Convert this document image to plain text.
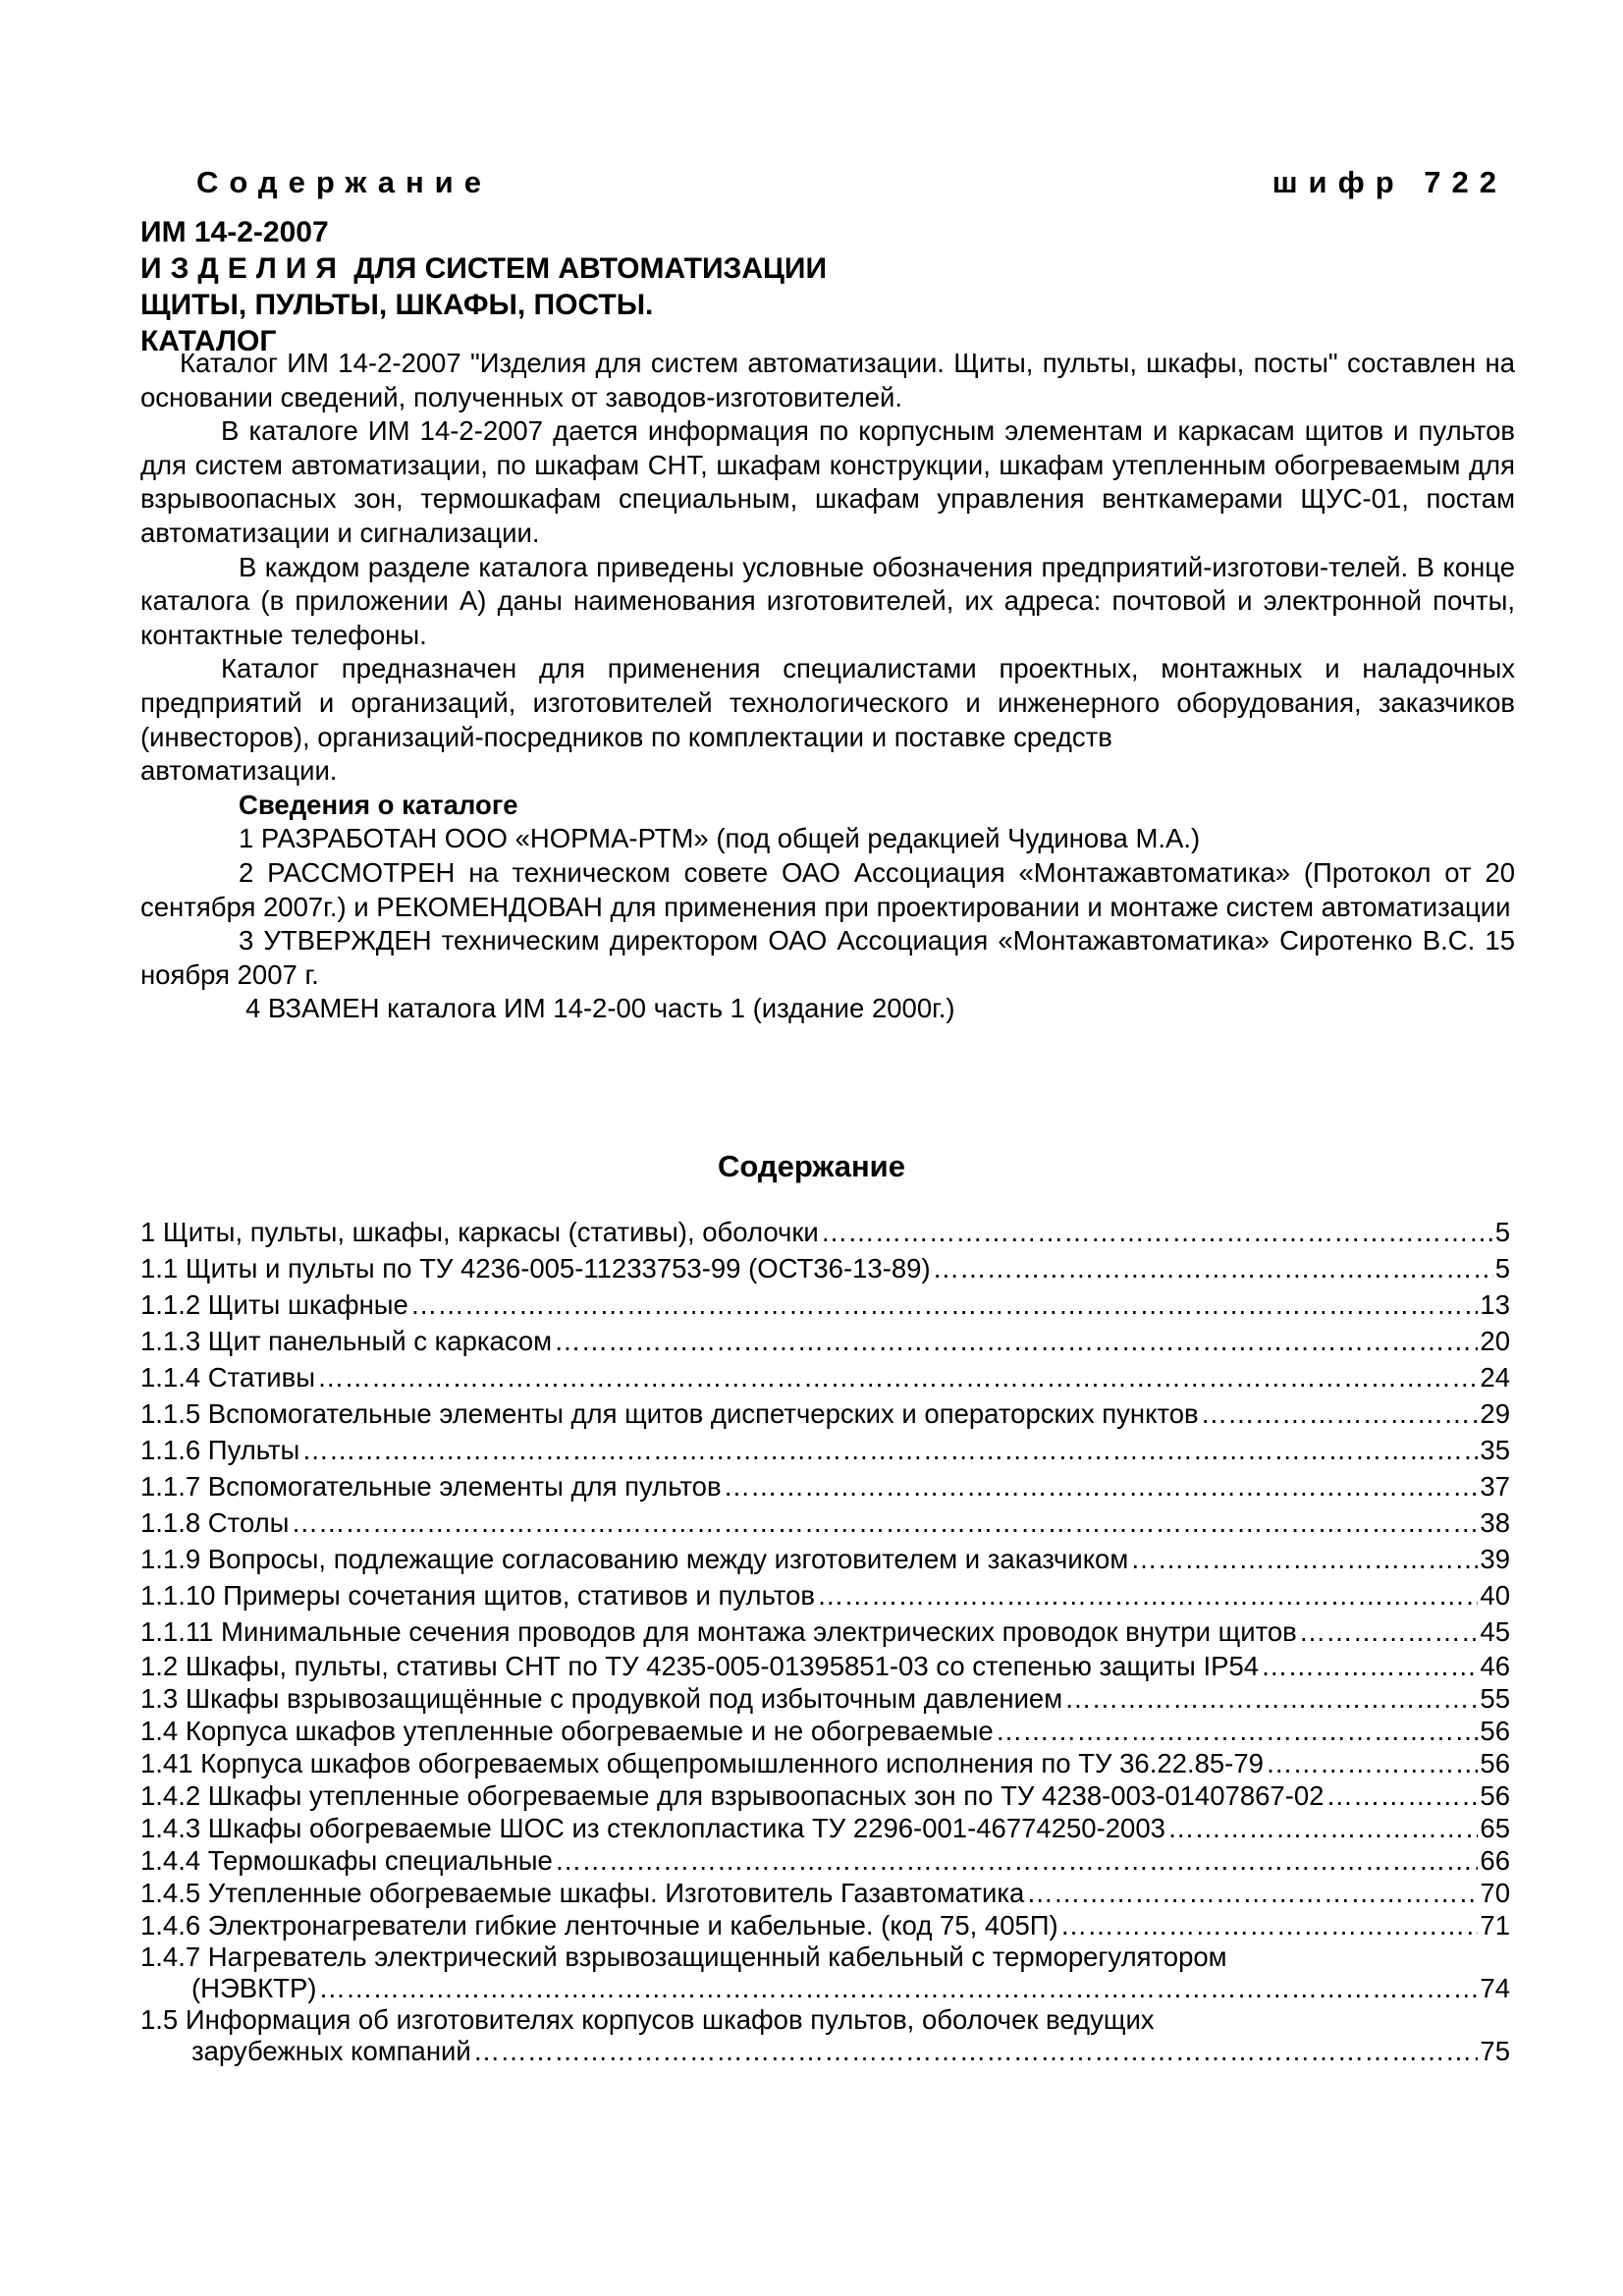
Содержание	шифр 722
ИМ 14-2-2007
ИЗДЕЛИЯ ДЛЯ СИСТЕМ АВТОМАТИЗАЦИИ
ЩИТЫ, ПУЛЬТЫ, ШКАФЫ, ПОСТЫ.
КАТАЛОГ

Каталог ИМ 14-2-2007 "Изделия для систем автоматизации. Щиты, пульты, шкафы, посты" составлен на основании сведений, полученных от заводов-изготовителей.

В каталоге ИМ 14-2-2007 дается информация по корпусным элементам и каркасам щитов и пультов для систем автоматизации, по шкафам СНТ, шкафам конструкции, шкафам утепленным обогреваемым для взрывоопасных зон, термошкафам специальным, шкафам управления венткамерами ЩУС-01, постам автоматизации и сигнализации.

В каждом разделе каталога приведены условные обозначения предприятий-изготови-телей. В конце каталога (в приложении А) даны наименования изготовителей, их адреса: почтовой и электронной почты, контактные телефоны.

Каталог предназначен для применения специалистами проектных, монтажных и наладочных предприятий и организаций, изготовителей технологического и инженерного оборудования, заказчиков (инвесторов), организаций-посредников по комплектации и поставке средств

автоматизации.

Сведения о каталоге

1 РАЗРАБОТАН ООО «НОРМА-РТМ» (под общей редакцией Чудинова М.А.)

2 РАССМОТРЕН на техническом совете ОАО Ассоциация «Монтажавтоматика» (Протокол от 20 сентября 2007г.) и РЕКОМЕНДОВАН для применения при проектировании и монтаже систем автоматизации

3 УТВЕРЖДЕН техническим директором ОАО Ассоциация «Монтажавтоматика» Сиротенко В.С. 15 ноября 2007 г.

4 ВЗАМЕН каталога ИМ 14-2-00 часть 1 (издание 2000г.)

Содержание
1 Щиты, пульты, шкафы, каркасы (стативы), оболочки ……………………………………………………………………………………………………………………………………………………………………………………………………………	5
1.1 Щиты и пульты по ТУ 4236-005-11233753-99 (ОСТ36-13-89) ……………………………………………………………………………………………………………………………………………………………………………………………………………	5
1.1.2 Щиты шкафные ……………………………………………………………………………………………………………………………………………………………………………………………………………	13
1.1.3 Щит панельный с каркасом ……………………………………………………………………………………………………………………………………………………………………………………………………………	20
1.1.4 Стативы ……………………………………………………………………………………………………………………………………………………………………………………………………………	24
1.1.5 Вспомогательные элементы для щитов диспетчерских и операторских пунктов ……………………………………………………………………………………………………………………………………………………………………………………………………………	29
1.1.6 Пульты ……………………………………………………………………………………………………………………………………………………………………………………………………………	35
1.1.7 Вспомогательные элементы для пультов ……………………………………………………………………………………………………………………………………………………………………………………………………………	37
1.1.8 Столы ……………………………………………………………………………………………………………………………………………………………………………………………………………	38
1.1.9 Вопросы, подлежащие согласованию между изготовителем и заказчиком ……………………………………………………………………………………………………………………………………………………………………………………………………………	39
1.1.10 Примеры сочетания щитов, стативов и пультов ……………………………………………………………………………………………………………………………………………………………………………………………………………	40
1.1.11 Минимальные сечения проводов для монтажа электрических проводок внутри щитов ……………………………………………………………………………………………………………………………………………………………………………………………………………	45
1.2 Шкафы, пульты, стативы СНТ по ТУ 4235-005-01395851-03 со степенью защиты IP54 ……………………………………………………………………………………………………………………………………………………………………………………………………………	46
1.3 Шкафы взрывозащищённые с продувкой под избыточным давлением ……………………………………………………………………………………………………………………………………………………………………………………………………………	55
1.4 Корпуса шкафов утепленные обогреваемые и не обогреваемые ……………………………………………………………………………………………………………………………………………………………………………………………………………	56
1.41 Корпуса шкафов обогреваемых общепромышленного исполнения по ТУ 36.22.85-79 ……………………………………………………………………………………………………………………………………………………………………………………………………………	56
1.4.2 Шкафы утепленные обогреваемые для взрывоопасных зон по ТУ 4238-003-01407867-02 ……………………………………………………………………………………………………………………………………………………………………………………………………………	56
1.4.3 Шкафы обогреваемые ШОС из стеклопластика ТУ 2296-001-46774250-2003 ……………………………………………………………………………………………………………………………………………………………………………………………………………	65
1.4.4 Термошкафы специальные ……………………………………………………………………………………………………………………………………………………………………………………………………………	66
1.4.5 Утепленные обогреваемые шкафы. Изготовитель Газавтоматика ……………………………………………………………………………………………………………………………………………………………………………………………………………	70
1.4.6 Электронагреватели гибкие ленточные и кабельные. (код 75, 405П) ……………………………………………………………………………………………………………………………………………………………………………………………………………	71
1.4.7 Нагреватель электрический взрывозащищенный кабельный с терморегулятором
(НЭВКТР) ……………………………………………………………………………………………………………………………………………………………………………………………………………	74
1.5 Информация об изготовителях корпусов шкафов пультов, оболочек ведущих
зарубежных компаний ……………………………………………………………………………………………………………………………………………………………………………………………………………	75
